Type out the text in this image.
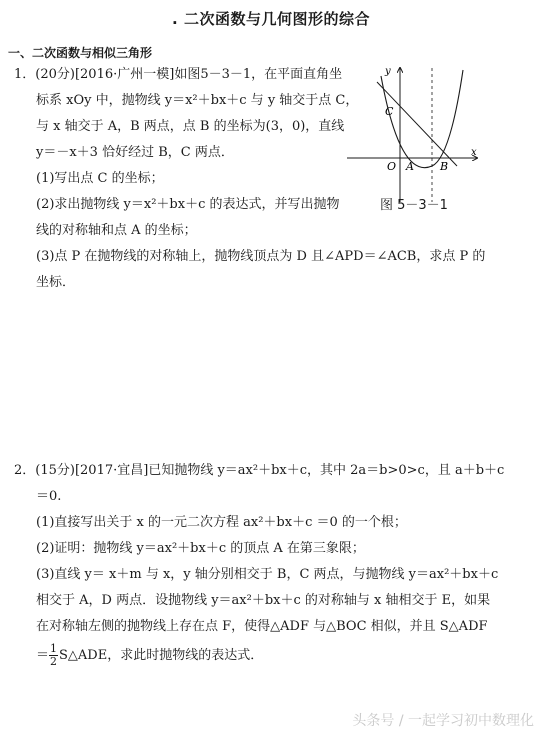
. 二次函数与几何图形的综合
一、二次函数与相似三角形
1．(20分)[2016·广州一模]如图5－3－1，在平面直角坐
标系 xOy 中，抛物线 y＝x²＋bx＋c 与 y 轴交于点 C，
与 x 轴交于 A，B 两点，点 B 的坐标为(3，0)，直线
y＝－x＋3 恰好经过 B，C 两点．
(1)写出点 C 的坐标；
(2)求出抛物线 y＝x²＋bx＋c 的表达式，并写出抛物
线的对称轴和点 A 的坐标；
(3)点 P 在抛物线的对称轴上，抛物线顶点为 D 且∠APD＝∠ACB，求点 P 的
坐标．
y
x
C
O A B
图 5－3－1
2．(15分)[2017·宜昌]已知抛物线 y＝ax²＋bx＋c，其中 2a＝b>0>c，且 a＋b＋c
＝0.
(1)直接写出关于 x 的一元二次方程 ax²＋bx＋c ＝0 的一个根；
(2)证明：抛物线 y＝ax²＋bx＋c 的顶点 A 在第三象限；
(3)直线 y＝ x＋m 与 x，y 轴分别相交于 B，C 两点，与抛物线 y＝ax²＋bx＋c
相交于 A，D 两点．设抛物线 y＝ax²＋bx＋c 的对称轴与 x 轴相交于 E，如果
在对称轴左侧的抛物线上存在点 F，使得△ADF 与△BOC 相似，并且 S△ADF
＝ $\frac{1}{2}$ S△ADE，求此时抛物线的表达式．
头条号 / 一起学习初中数理化
